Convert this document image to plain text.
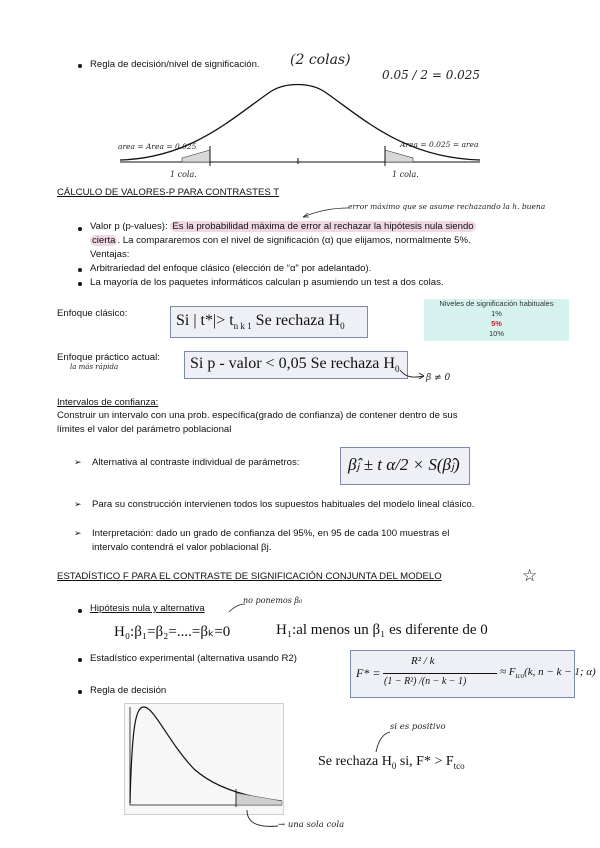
Regla de decisión/nivel de significación. (2 colas)
0.05 / 2 = 0.025
area = Area = 0.025	Area = 0.025 = area
1 cola.	1 cola.
CÁLCULO DE VALORES-P PARA CONTRASTES T
error máximo que se asume rechazando la h. buena
Valor p (p-values): Es la probabilidad máxima de error al rechazar la hipótesis nula siendo
cierta . La compararemos con el nivel de significación (α) que elijamos, normalmente 5%.
Ventajas:
Arbitrariedad del enfoque clásico (elección de “α” por adelantado).
La mayoría de los paquetes informáticos calculan p asumiendo un test a dos colas.
Enfoque clásico:	Si | $t*|> t_{n k 1}$ Se rechaza $H_0$
Niveles de significación habituales
1%
5%
10%
Enfoque práctico actual:
la más rápida	Si p - valor < 0,05 Se rechaza $H_0$
β ≠ 0
Intervalos de confianza:
Construir un intervalo con una prob. específica(grado de confianza) de contener dentro de sus
límites el valor del parámetro poblacional
➢ Alternativa al contraste individual de parámetros:	β̂ⱼ ± t α/2 × S(β̂ⱼ)
➢ Para su construcción intervienen todos los supuestos habituales del modelo lineal clásico.
➢ Interpretación: dado un grado de confianza del 95%, en 95 de cada 100 muestras el
intervalo contendrá el valor poblacional βj.
ESTADÍSTICO F PARA EL CONTRASTE DE SIGNIFICACIÓN CONJUNTA DEL MODELO	☆
Hipótesis nula y alternativa
no ponemos β₀
H₀:β₁=β₂=....=βₖ=0	H₁:al menos un β₁ es diferente de 0
Estadístico experimental (alternativa usando R2)
F* =
R² / k
(1 − R²) /(n − k − 1)
≈ $F_{tco}(k$, n − k − 1; α)
Regla de decisión
→ una sola cola
si es positivo
Se rechaza $H_0$ si, $F* > F_{tco}$
